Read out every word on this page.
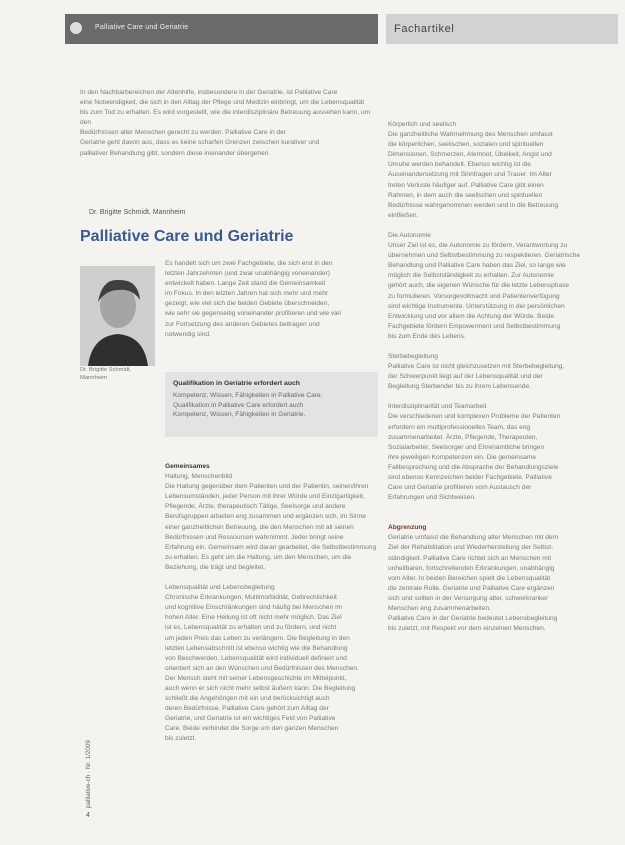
Palliative Care und Geriatrie	Fachartikel

In den Nachbarbereichen der Altenhilfe, insbesondere in der Geriatrie, ist Palliative Care

eine Notwendigkeit, die sich in den Alltag der Pflege und Medizin einbringt, um die Lebensqualität

bis zum Tod zu erhalten. Es wird vorgestellt, wie die interdisziplinäre Betreuung aussehen kann, um den

Bedürfnissen alter Menschen gerecht zu werden. Palliative Care in der

Geriatrie geht davon aus, dass es keine scharfen Grenzen zwischen kurativer und

palliativer Behandlung gibt, sondern diese ineinander übergehen.

Dr. Brigitte Schmidt, Mannheim
Palliative Care und Geriatrie
Dr. Brigitte Schmidt, Mannheim

Es handelt sich um zwei Fachgebiete, die sich erst in den

letzten Jahrzehnten (und zwar unabhängig voneinander)

entwickelt haben. Lange Zeit stand die Gemeinsamkeit

im Fokus. In den letzten Jahren hat sich mehr und mehr

gezeigt, wie viel sich die beiden Gebiete überschneiden,

wie sehr sie gegenseitig voneinander profitieren und wie viel

zur Fortsetzung des anderen Gebietes beitragen und

notwendig sind.

Qualifikation in Geriatrie erfordert auch

Kompetenz, Wissen, Fähigkeiten in Palliative Care.

Qualifikation in Palliative Care erfordert auch

Kompetenz, Wissen, Fähigkeiten in Geriatrie.

Gemeinsames

Haltung, Menschenbild

Die Haltung gegenüber dem Patienten und der Patientin, seinen/ihren

Lebensumständen, jeder Person mit ihrer Würde und Einzigartigkeit,

Pflegende, Ärzte, therapeutisch Tätige, Seelsorge und andere

Berufsgruppen arbeiten eng zusammen und ergänzen sich, im Sinne

einer ganzheitlichen Betreuung, die den Menschen mit all seinen

Bedürfnissen und Ressourcen wahrnimmt. Jeder bringt seine

Erfahrung ein. Gemeinsam wird daran gearbeitet, die Selbstbestimmung

zu erhalten. Es geht um die Haltung, um den Menschen, um die

Beziehung, die trägt und begleitet.

Lebensqualität und Lebensbegleitung

Chronische Erkrankungen, Multimorbidität, Gebrechlichkeit

und kognitive Einschränkungen sind häufig bei Menschen im

hohen Alter. Eine Heilung ist oft nicht mehr möglich. Das Ziel

ist es, Lebensqualität zu erhalten und zu fördern, und nicht

um jeden Preis das Leben zu verlängern. Die Begleitung in den

letzten Lebensabschnitt ist ebenso wichtig wie die Behandlung

von Beschwerden. Lebensqualität wird individuell definiert und

orientiert sich an den Wünschen und Bedürfnissen des Menschen.

Der Mensch steht mit seiner Lebensgeschichte im Mittelpunkt,

auch wenn er sich nicht mehr selbst äußern kann. Die Begleitung

schließt die Angehörigen mit ein und berücksichtigt auch

deren Bedürfnisse. Palliative Care gehört zum Alltag der

Geriatrie, und Geriatrie ist ein wichtiges Feld von Palliative

Care. Beide verbindet die Sorge um den ganzen Menschen

bis zuletzt.

Körperlich und seelisch

Die ganzheitliche Wahrnehmung des Menschen umfasst

die körperlichen, seelischen, sozialen und spirituellen

Dimensionen. Schmerzen, Atemnot, Übelkeit, Angst und

Unruhe werden behandelt. Ebenso wichtig ist die

Auseinandersetzung mit Sinnfragen und Trauer. Im Alter

treten Verluste häufiger auf. Palliative Care gibt einen

Rahmen, in dem auch die seelischen und spirituellen

Bedürfnisse wahrgenommen werden und in die Betreuung

einfließen.

Die Autonomie

Unser Ziel ist es, die Autonomie zu fördern, Verantwortung zu

übernehmen und Selbstbestimmung zu respektieren. Geriatrische

Behandlung und Palliative Care haben das Ziel, so lange wie

möglich die Selbstständigkeit zu erhalten. Zur Autonomie

gehört auch, die eigenen Wünsche für die letzte Lebensphase

zu formulieren. Vorsorgevollmacht und Patientenverfügung

sind wichtige Instrumente. Unterstützung in der persönlichen

Entwicklung und vor allem die Achtung der Würde. Beide

Fachgebiete fördern Empowerment und Selbstbestimmung

bis zum Ende des Lebens.

Sterbebegleitung

Palliative Care ist nicht gleichzusetzen mit Sterbebegleitung,

der Schwerpunkt liegt auf der Lebensqualität und der

Begleitung Sterbender bis zu ihrem Lebensende.

Interdisziplinarität und Teamarbeit

Die verschiedenen und komplexen Probleme der Patienten

erfordern ein multiprofessionelles Team, das eng

zusammenarbeitet. Ärzte, Pflegende, Therapeuten,

Sozialarbeiter, Seelsorger und Ehrenamtliche bringen

ihre jeweiligen Kompetenzen ein. Die gemeinsame

Fallbesprechung und die Absprache der Behandlungsziele

sind ebenso Kennzeichen beider Fachgebiete. Palliative

Care und Geriatrie profitieren vom Austausch der

Erfahrungen und Sichtweisen.

Abgrenzung

Geriatrie umfasst die Behandlung alter Menschen mit dem

Ziel der Rehabilitation und Wiederherstellung der Selbst-

ständigkeit. Palliative Care richtet sich an Menschen mit

unheilbaren, fortschreitenden Erkrankungen, unabhängig

vom Alter. In beiden Bereichen spielt die Lebensqualität

die zentrale Rolle. Geriatrie und Palliative Care ergänzen

sich und sollten in der Versorgung alter, schwerkranker

Menschen eng zusammenarbeiten.

Palliative Care in der Geriatrie bedeutet Lebensbegleitung

bis zuletzt, mit Respekt vor dem einzelnen Menschen.

palliative-ch · Nr. 1/2009
4
